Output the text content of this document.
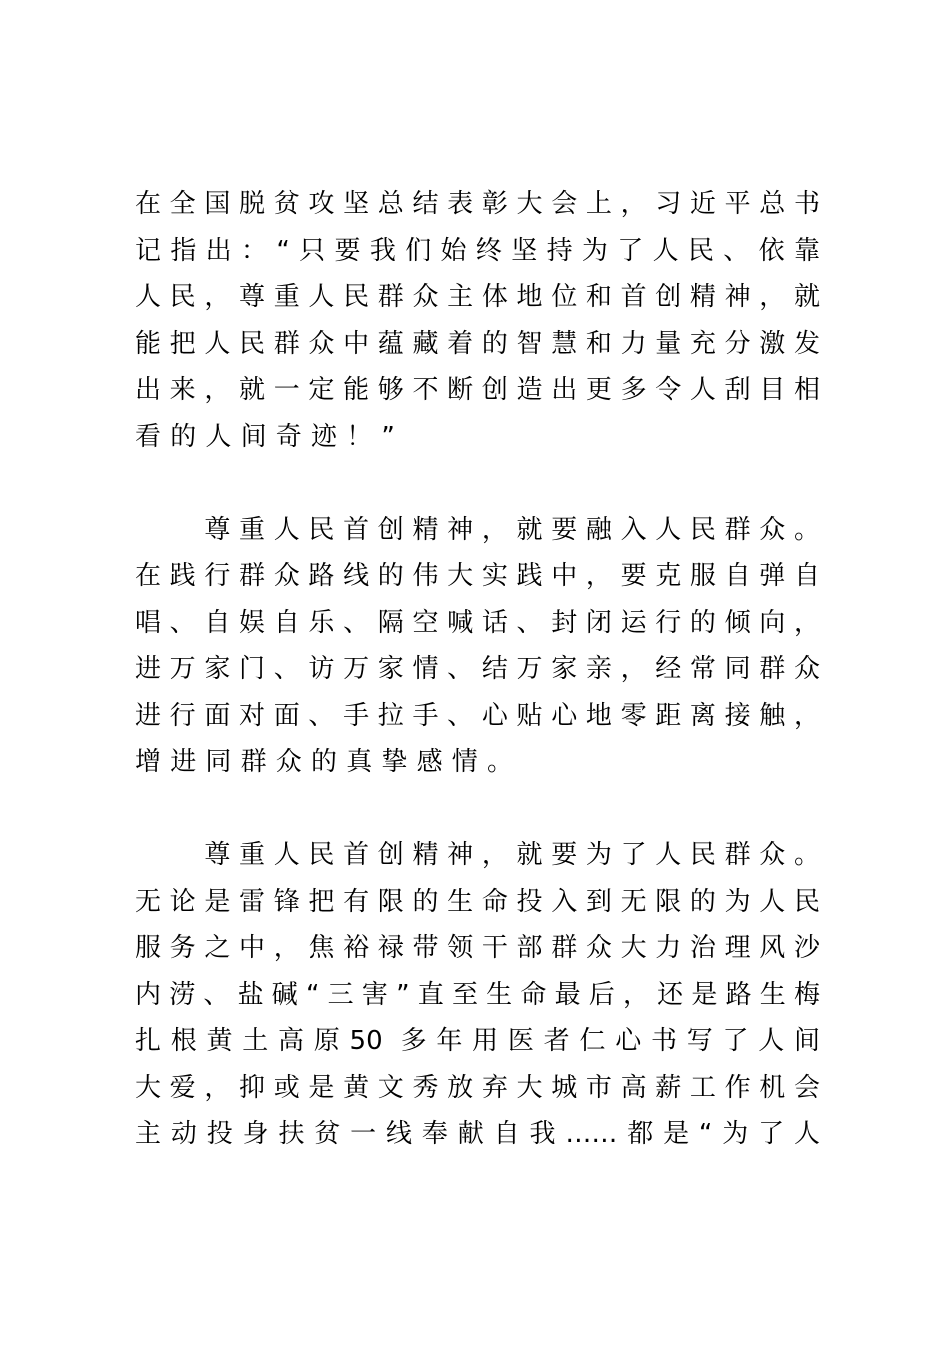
在全国脱贫攻坚总结表彰大会上，习近平总书
记指出：“只要我们始终坚持为了人民、依靠
人民，尊重人民群众主体地位和首创精神，就
能把人民群众中蕴藏着的智慧和力量充分激发
出来，就一定能够不断创造出更多令人刮目相
看的人间奇迹！”
　　尊重人民首创精神，就要融入人民群众。
在践行群众路线的伟大实践中，要克服自弹自
唱、自娱自乐、隔空喊话、封闭运行的倾向，
进万家门、访万家情、结万家亲，经常同群众
进行面对面、手拉手、心贴心地零距离接触，
增进同群众的真挚感情。
　　尊重人民首创精神，就要为了人民群众。
无论是雷锋把有限的生命投入到无限的为人民
服务之中，焦裕禄带领干部群众大力治理风沙
内涝、盐碱“三害”直至生命最后，还是路生梅
扎根黄土高原50 多年用医者仁心书写了人间
大爱，抑或是黄文秀放弃大城市高薪工作机会
主动投身扶贫一线奉献自我……都是“为了人
